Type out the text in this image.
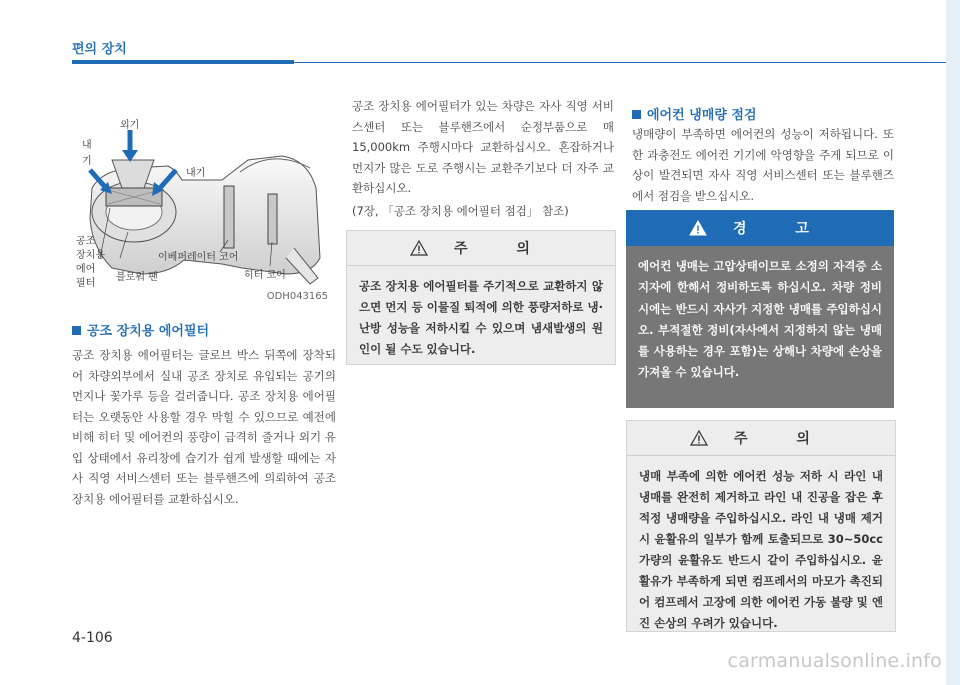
편의 장치
외기
내
기
내기
공조
장치용
에어
필터
이베퍼레이터 코어
블로워 팬	히터 코어
ODH043165
공조 장치용 에어필터
공조 장치용 에어필터는 글로브 박스 뒤쪽에 장착되어 차량외부에서 실내 공조 장치로 유입되는 공기의 먼지나 꽃가루 등을 걸러줍니다. 공조 장치용 에어필터는 오랫동안 사용할 경우 막힐 수 있으므로 예전에 비해 히터 및 에어컨의 풍량이 급격히 줄거나 외기 유입 상태에서 유리창에 습기가 쉽게 발생할 때에는 자사 직영 서비스센터 또는 블루핸즈에 의뢰하여 공조 장치용 에어필터를 교환하십시오.
공조 장치용 에어필터가 있는 차량은 자사 직영 서비스센터 또는 블루핸즈에서 순정부품으로 매 15,000km 주행시마다 교환하십시오. 혼잡하거나 먼지가 많은 도로 주행시는 교환주기보다 더 자주 교환하십시오.
(7장, 「공조 장치용 에어필터 점검」 참조)
주 의
공조 장치용 에어필터를 주기적으로 교환하지 않으면 먼지 등 이물질 퇴적에 의한 풍량저하로 냉·난방 성능을 저하시킬 수 있으며 냄새발생의 원인이 될 수도 있습니다.
에어컨 냉매량 점검
냉매량이 부족하면 에어컨의 성능이 저하됩니다. 또한 과충전도 에어컨 기기에 악영향을 주게 되므로 이상이 발견되면 자사 직영 서비스센터 또는 블루핸즈에서 점검을 받으십시오.
경 고
에어컨 냉매는 고압상태이므로 소정의 자격증 소지자에 한해서 정비하도록 하십시오. 차량 정비 시에는 반드시 자사가 지정한 냉매를 주입하십시오. 부적절한 정비(자사에서 지정하지 않는 냉매를 사용하는 경우 포함)는 상해나 차량에 손상을 가져올 수 있습니다.
주 의
냉매 부족에 의한 에어컨 성능 저하 시 라인 내 냉매를 완전히 제거하고 라인 내 진공을 잡은 후 적정 냉매량을 주입하십시오. 라인 내 냉매 제거 시 윤활유의 일부가 함께 토출되므로 30~50cc 가량의 윤활유도 반드시 같이 주입하십시오. 윤활유가 부족하게 되면 컴프레서의 마모가 촉진되어 컴프레서 고장에 의한 에어컨 가동 불량 및 엔진 손상의 우려가 있습니다.
4-106
carmanualsonline.info
